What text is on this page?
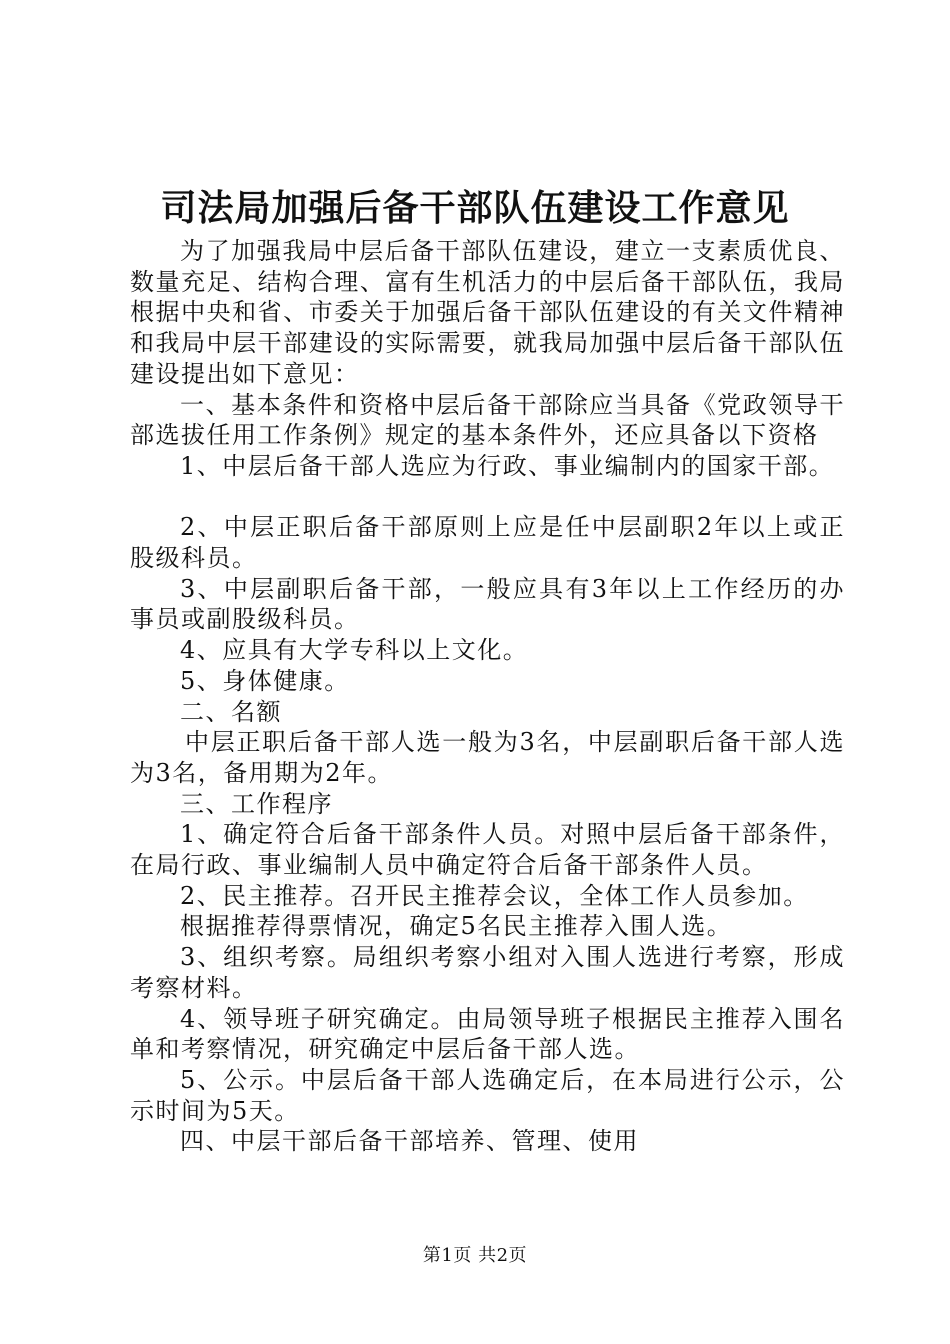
司法局加强后备干部队伍建设工作意见

为了加强我局中层后备干部队伍建设，建立一支素质优良、数量充足、结构合理、富有生机活力的中层后备干部队伍，我局根据中央和省、市委关于加强后备干部队伍建设的有关文件精神和我局中层干部建设的实际需要，就我局加强中层后备干部队伍建设提出如下意见：

一、基本条件和资格中层后备干部除应当具备《党政领导干部选拔任用工作条例》规定的基本条件外，还应具备以下资格

1、中层后备干部人选应为行政、事业编制内的国家干部。

2、中层正职后备干部原则上应是任中层副职2年以上或正股级科员。

3、中层副职后备干部，一般应具有3年以上工作经历的办事员或副股级科员。

4、应具有大学专科以上文化。

5、身体健康。

二、名额

中层正职后备干部人选一般为3名，中层副职后备干部人选为3名，备用期为2年。

三、工作程序

1、确定符合后备干部条件人员。对照中层后备干部条件，在局行政、事业编制人员中确定符合后备干部条件人员。

2、民主推荐。召开民主推荐会议，全体工作人员参加。

根据推荐得票情况，确定5名民主推荐入围人选。

3、组织考察。局组织考察小组对入围人选进行考察，形成考察材料。

4、领导班子研究确定。由局领导班子根据民主推荐入围名单和考察情况，研究确定中层后备干部人选。

5、公示。中层后备干部人选确定后，在本局进行公示，公示时间为5天。

四、中层干部后备干部培养、管理、使用

第1页 共2页
